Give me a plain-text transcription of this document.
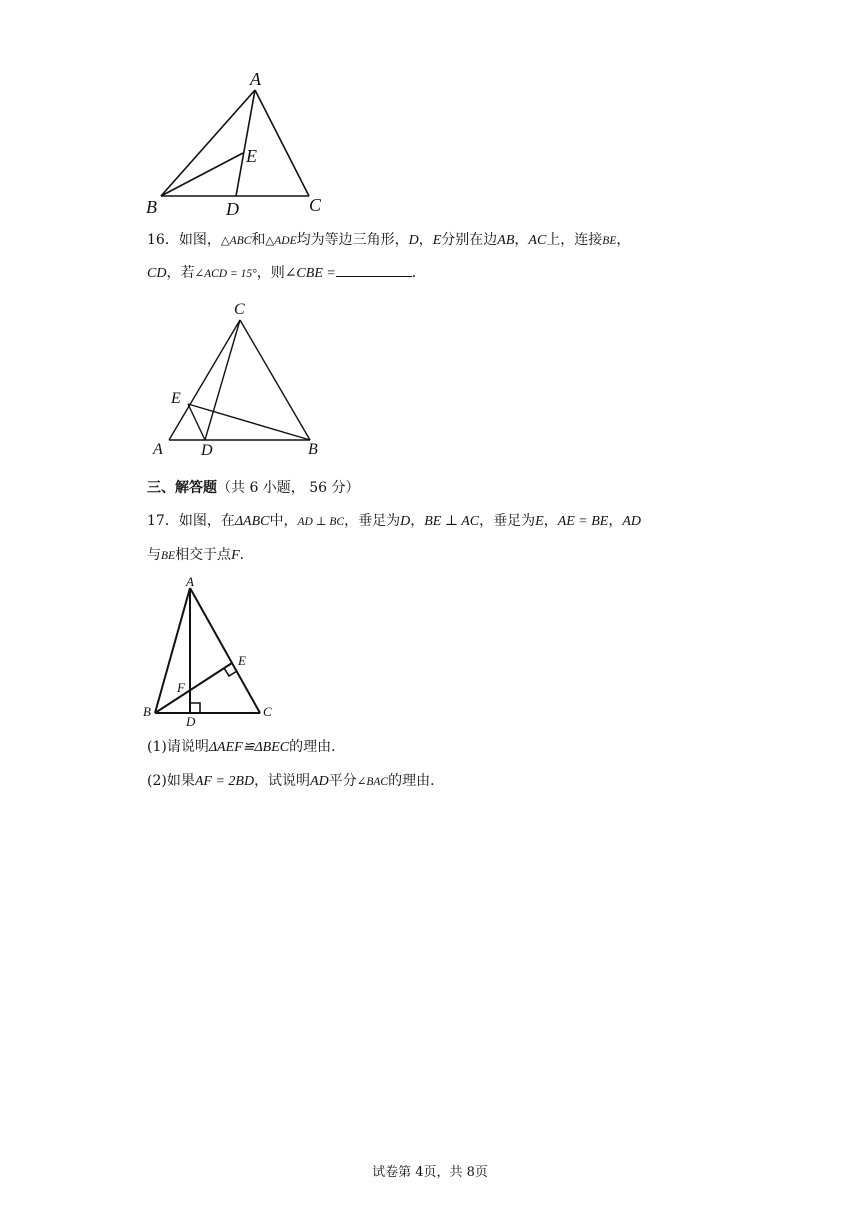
A
E
B	D	C
16．如图，△ABC和△ADE均为等边三角形，D，E分别在边AB，AC上，连接BE，
CD，若∠ACD = 15°，则∠CBE =	．
C
E
A D	B
三、解答题（共 6 小题， 56 分）
17．如图，在ΔABC中，AD ⊥ BC，垂足为D，BE ⊥ AC，垂足为E，AE = BE，AD
与BE相交于点F．
A
E
F
B
D
C
(1)请说明ΔAEF≌ΔBEC的理由．
(2)如果AF = 2BD，试说明AD平分∠BAC的理由．
试卷第 4页，共 8页
